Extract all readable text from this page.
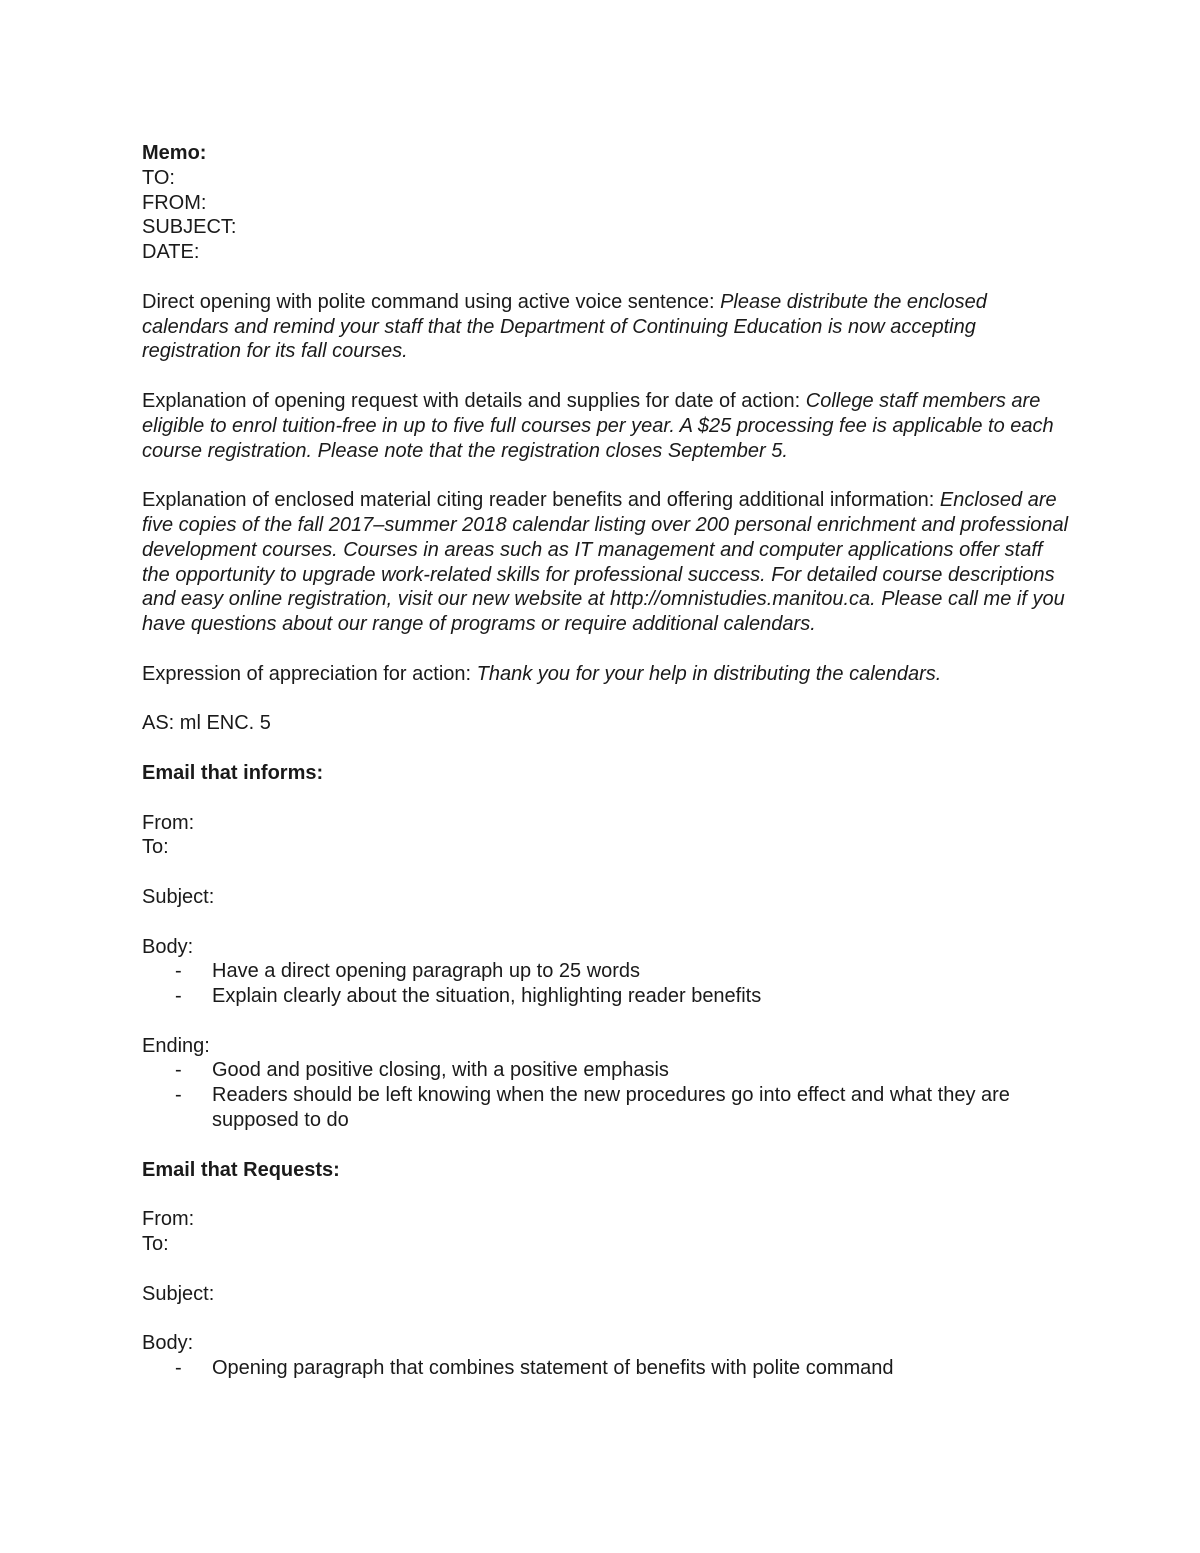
Memo:
TO:
FROM:
SUBJECT:
DATE:

Direct opening with polite command using active voice sentence: Please distribute the enclosed calendars and remind your staff that the Department of Continuing Education is now accepting registration for its fall courses.

Explanation of opening request with details and supplies for date of action: College staff members are eligible to enrol tuition-free in up to five full courses per year. A $25 processing fee is applicable to each course registration. Please note that the registration closes September 5.

Explanation of enclosed material citing reader benefits and offering additional information: Enclosed are five copies of the fall 2017–summer 2018 calendar listing over 200 personal enrichment and professional development courses. Courses in areas such as IT management and computer applications offer staff the opportunity to upgrade work-related skills for professional success. For detailed course descriptions and easy online registration, visit our new website at http://omnistudies.manitou.ca. Please call me if you have questions about our range of programs or require additional calendars.

Expression of appreciation for action: Thank you for your help in distributing the calendars.

AS: ml ENC. 5
Email that informs:
From:
To:
Subject:
Body:
- Have a direct opening paragraph up to 25 words
- Explain clearly about the situation, highlighting reader benefits
Ending:
- Good and positive closing, with a positive emphasis
- Readers should be left knowing when the new procedures go into effect and what they are supposed to do
Email that Requests:
From:
To:
Subject:
Body:
- Opening paragraph that combines statement of benefits with polite command
